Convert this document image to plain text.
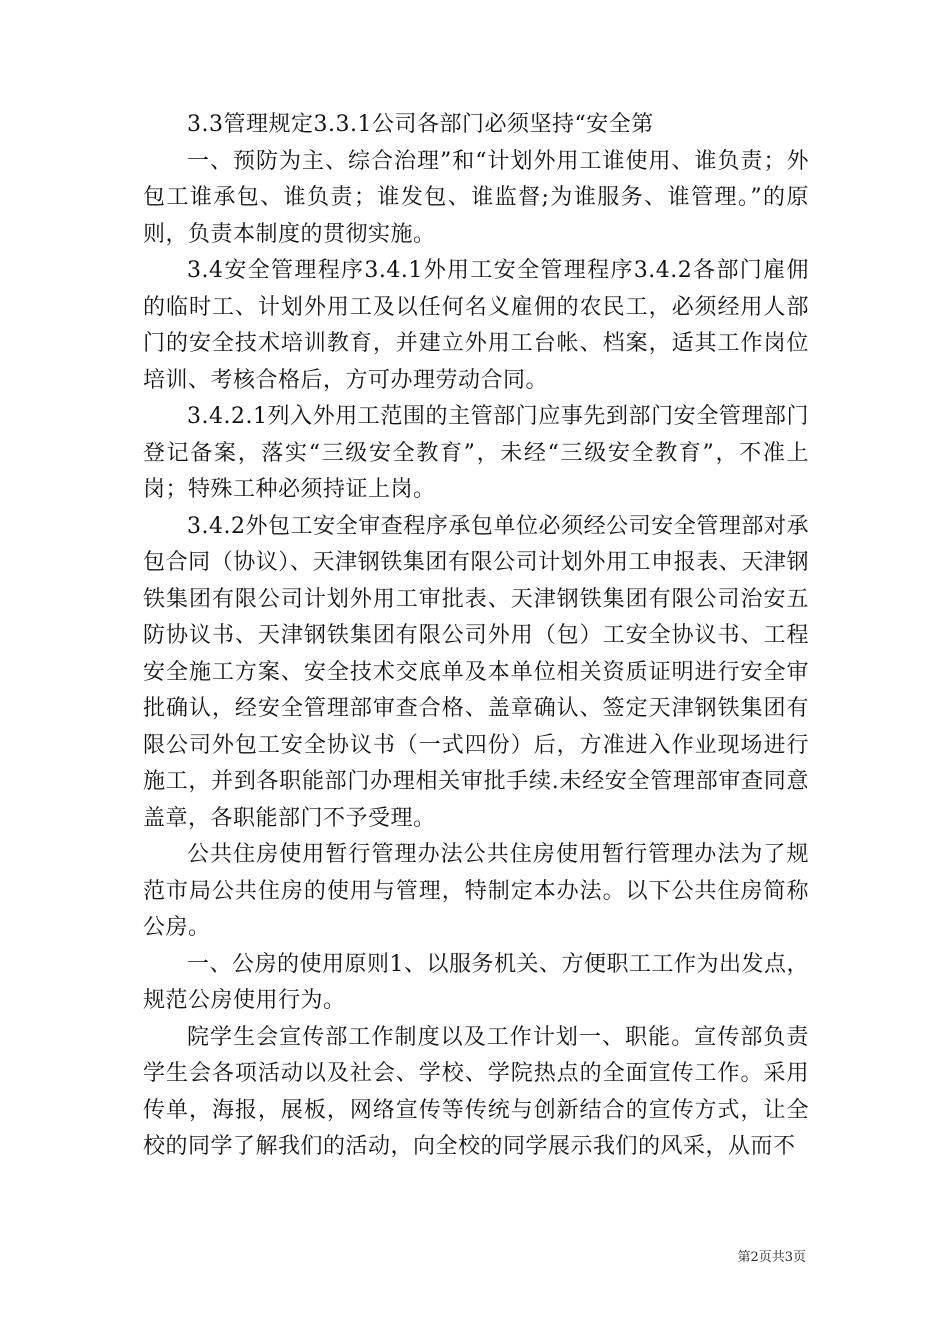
3.3管理规定3.3.1公司各部门必须坚持“安全第

一、预防为主、综合治理”和“计划外用工谁使用、谁负责；外包工谁承包、谁负责；谁发包、谁监督;为谁服务、谁管理。”的原则，负责本制度的贯彻实施。

3.4安全管理程序3.4.1外用工安全管理程序3.4.2各部门雇佣的临时工、计划外用工及以任何名义雇佣的农民工，必须经用人部门的安全技术培训教育，并建立外用工台帐、档案，适其工作岗位培训、考核合格后，方可办理劳动合同。

3.4.2.1列入外用工范围的主管部门应事先到部门安全管理部门登记备案，落实“三级安全教育”，未经“三级安全教育”，不准上岗；特殊工种必须持证上岗。

3.4.2外包工安全审查程序承包单位必须经公司安全管理部对承包合同（协议）、天津钢铁集团有限公司计划外用工申报表、天津钢铁集团有限公司计划外用工审批表、天津钢铁集团有限公司治安五防协议书、天津钢铁集团有限公司外用（包）工安全协议书、工程安全施工方案、安全技术交底单及本单位相关资质证明进行安全审批确认，经安全管理部审查合格、盖章确认、签定天津钢铁集团有限公司外包工安全协议书（一式四份）后，方准进入作业现场进行施工，并到各职能部门办理相关审批手续.未经安全管理部审查同意盖章，各职能部门不予受理。

公共住房使用暂行管理办法公共住房使用暂行管理办法为了规范市局公共住房的使用与管理，特制定本办法。以下公共住房简称公房。

一、公房的使用原则1、以服务机关、方便职工工作为出发点，规范公房使用行为。

院学生会宣传部工作制度以及工作计划一、职能。宣传部负责学生会各项活动以及社会、学校、学院热点的全面宣传工作。采用传单，海报，展板，网络宣传等传统与创新结合的宣传方式，让全校的同学了解我们的活动，向全校的同学展示我们的风采，从而不

第2页共3页
